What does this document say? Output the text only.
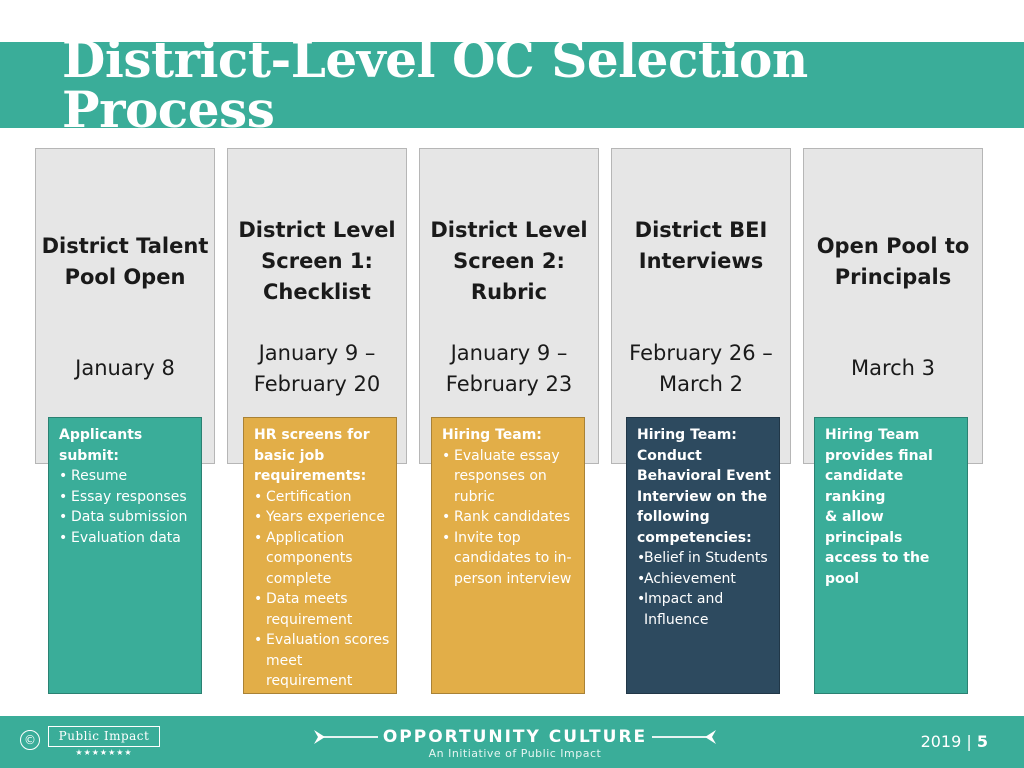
District-Level OC Selection Process
District Talent
Pool Open
January 8
District Level
Screen 1:
Checklist
January 9 –
February 20
District Level
Screen 2:
Rubric
January 9 –
February 23
District BEI
Interviews
February 26 –
March 2
Open Pool to
Principals
March 3
Applicants submit:
• Resume
• Essay responses
• Data submission
• Evaluation data
HR screens for
basic job
requirements:
• Certification
• Years experience
• Application components complete
• Data meets requirement
• Evaluation scores meet requirement
Hiring Team:
• Evaluate essay responses on rubric
• Rank candidates
• Invite top candidates to in-person interview
Hiring Team:
Conduct
Behavioral Event
Interview on the
following
competencies:
• Belief in Students
• Achievement
• Impact and Influence
Hiring Team
provides final
candidate ranking
& allow principals
access to the pool
©	Public Impact
★★★★★★★
OPPORTUNITY CULTURE
An Initiative of Public Impact
2019 | 5
